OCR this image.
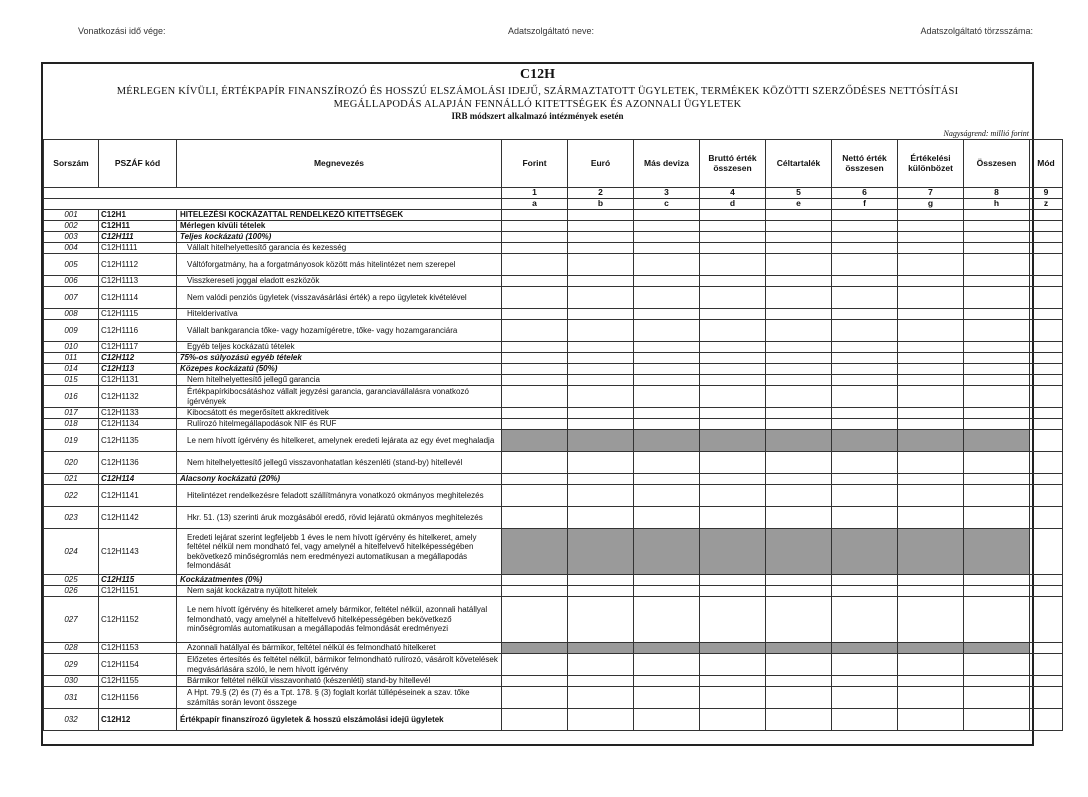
Vonatkozási idő vége:	Adatszolgáltató neve:	Adatszolgáltató törzsszáma:
C12H
MÉRLEGEN KÍVÜLI, ÉRTÉKPAPÍR FINANSZÍROZÓ ÉS HOSSZÚ ELSZÁMOLÁSI IDEJŰ, SZÁRMAZTATOTT ÜGYLETEK, TERMÉKEK KÖZÖTTI SZERZŐDÉSES NETTÓSÍTÁSI
MEGÁLLAPODÁS ALAPJÁN FENNÁLLÓ KITETTSÉGEK ÉS AZONNALI ÜGYLETEK
IRB módszert alkalmazó intézmények esetén
Nagyságrend: millió forint
Sorszám	PSZÁF kód	Megnevezés	Forint	Euró	Más deviza	Bruttó érték összesen	Céltartalék	Nettó érték összesen	Értékelési különbözet	Összesen	Mód
			1	2	3	4	5	6	7	8	9
			a	b	c	d	e	f	g	h	z
001	C12H1	HITELEZÉSI KOCKÁZATTAL RENDELKEZŐ KITETTSÉGEK									
002	C12H11	Mérlegen kívüli tételek									
003	C12H111	Teljes kockázatú (100%)									
004	C12H1111	Vállalt hitelhelyettesítő garancia és kezesség									
005	C12H1112	Váltóforgatmány, ha a forgatmányosok között más hitelintézet nem szerepel									
006	C12H1113	Visszkereseti joggal eladott eszközök									
007	C12H1114	Nem valódi penziós ügyletek (visszavásárlási érték) a repo ügyletek kivételével									
008	C12H1115	Hitelderivatíva									
009	C12H1116	Vállalt bankgarancia tőke- vagy hozamígéretre, tőke- vagy hozamgaranciára									
010	C12H1117	Egyéb teljes kockázatú tételek									
011	C12H112	75%-os súlyozású egyéb tételek									
014	C12H113	Közepes kockázatú (50%)									
015	C12H1131	Nem hitelhelyettesítő jellegű garancia									
016	C12H1132	Értékpapírkibocsátáshoz vállalt jegyzési garancia, garanciavállalásra vonatkozó ígérvények									
017	C12H1133	Kibocsátott és megerősített akkreditívek									
018	C12H1134	Rulírozó hitelmegállapodások NIF és RUF									
019	C12H1135	Le nem hívott ígérvény és hitelkeret, amelynek eredeti lejárata az egy évet meghaladja									
020	C12H1136	Nem hitelhelyettesítő jellegű visszavonhatatlan készenléti (stand-by) hitellevél									
021	C12H114	Alacsony kockázatú (20%)									
022	C12H1141	Hitelintézet rendelkezésre feladott szállítmányra vonatkozó okmányos meghitelezés									
023	C12H1142	Hkr. 51. (13) szerinti áruk mozgásából eredő, rövid lejáratú okmányos meghitelezés									
024	C12H1143	Eredeti lejárat szerint legfeljebb 1 éves le nem hívott ígérvény és hitelkeret, amely feltétel nélkül nem mondható fel, vagy amelynél a hitelfelvevő hitelképességében bekövetkező minőségromlás nem eredményezi automatikusan a megállapodás felmondását									
025	C12H115	Kockázatmentes (0%)									
026	C12H1151	Nem saját kockázatra nyújtott hitelek									
027	C12H1152	Le nem hívott ígérvény és hitelkeret amely bármikor, feltétel nélkül, azonnali hatállyal felmondható, vagy amelynél a hitelfelvevő hitelképességében bekövetkező minőségromlás automatikusan a megállapodás felmondását eredményezi									
028	C12H1153	Azonnali hatállyal és bármikor, feltétel nélkül és felmondható hitelkeret									
029	C12H1154	Előzetes értesítés és feltétel nélkül, bármikor felmondható rulírozó, vásárolt követelések megvásárlására szóló, le nem hívott ígérvény									
030	C12H1155	Bármikor feltétel nélkül visszavonható (készenléti) stand-by hitellevél									
031	C12H1156	A Hpt. 79.§ (2) és (7) és a Tpt. 178. § (3) foglalt korlát túllépéseinek a szav. tőke számítás során levont összege									
032	C12H12	Értékpapír finanszírozó ügyletek & hosszú elszámolási idejű ügyletek									
